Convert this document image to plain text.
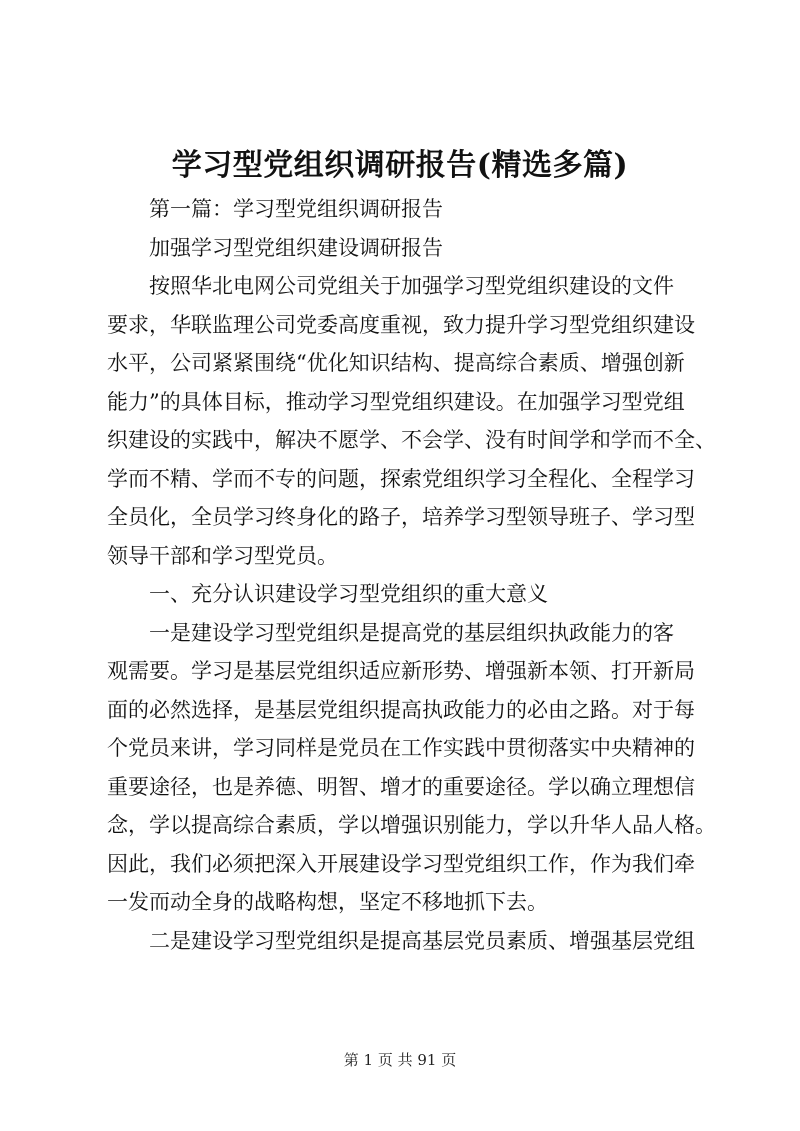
学习型党组织调研报告(精选多篇)
第一篇：学习型党组织调研报告
加强学习型党组织建设调研报告
按照华北电网公司党组关于加强学习型党组织建设的文件
要求，华联监理公司党委高度重视，致力提升学习型党组织建设
水平，公司紧紧围绕“优化知识结构、提高综合素质、增强创新
能力”的具体目标，推动学习型党组织建设。在加强学习型党组
织建设的实践中，解决不愿学、不会学、没有时间学和学而不全、
学而不精、学而不专的问题，探索党组织学习全程化、全程学习
全员化，全员学习终身化的路子，培养学习型领导班子、学习型
领导干部和学习型党员。
一、充分认识建设学习型党组织的重大意义
一是建设学习型党组织是提高党的基层组织执政能力的客
观需要。学习是基层党组织适应新形势、增强新本领、打开新局
面的必然选择，是基层党组织提高执政能力的必由之路。对于每
个党员来讲，学习同样是党员在工作实践中贯彻落实中央精神的
重要途径，也是养德、明智、增才的重要途径。学以确立理想信
念，学以提高综合素质，学以增强识别能力，学以升华人品人格。
因此，我们必须把深入开展建设学习型党组织工作，作为我们牵
一发而动全身的战略构想，坚定不移地抓下去。
二是建设学习型党组织是提高基层党员素质、增强基层党组
第 1 页 共 91 页
